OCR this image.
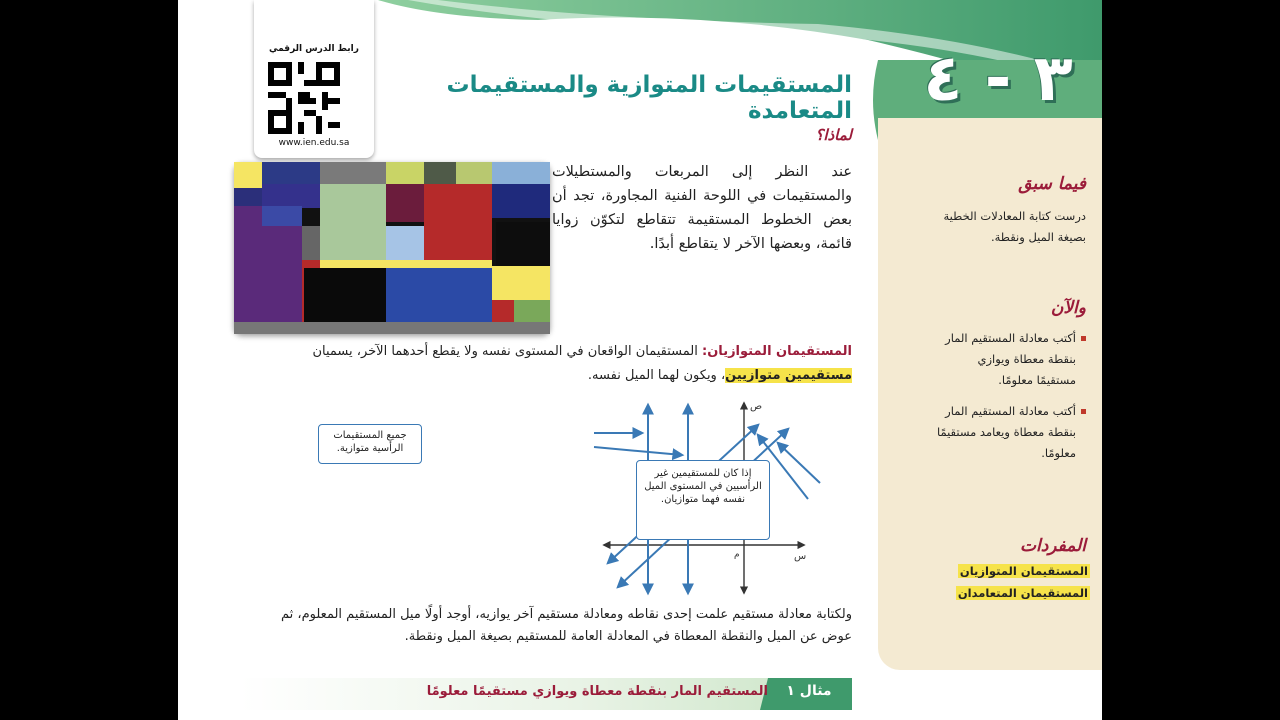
٣ - ٤
رابط الدرس الرقمي
www.ien.edu.sa
المستقيمات المتوازية والمستقيمات المتعامدة
لماذا؟
عند النظر إلى المربعات والمستطيلات والمستقيمات في اللوحة الفنية المجاورة، تجد أن بعض الخطوط المستقيمة تتقاطع لتكوّن زوايا قائمة، وبعضها الآخر لا يتقاطع أبدًا.
المستقيمان المتوازيان: المستقيمان الواقعان في المستوى نفسه ولا يقطع أحدهما الآخر، يسميان مستقيمين متوازيين، ويكون لهما الميل نفسه.
ص
س
م
جميع المستقيمات الرأسية متوازية.
إذا كان للمستقيمين غير الرأسيين في المستوى الميل نفسه فهما متوازيان.
ولكتابة معادلة مستقيم علمت إحدى نقاطه ومعادلة مستقيم آخر يوازيه، أوجد أولًا ميل المستقيم المعلوم، ثم عوض عن الميل والنقطة المعطاة في المعادلة العامة للمستقيم بصيغة الميل ونقطة.
مثال ١
المستقيم المار بنقطة معطاة ويوازي مستقيمًا معلومًا
فيما سبق
درست كتابة المعادلات الخطية بصيغة الميل ونقطة.
والآن
أكتب معادلة المستقيم المار بنقطة معطاة ويوازي مستقيمًا معلومًا.
أكتب معادلة المستقيم المار بنقطة معطاة ويعامد مستقيمًا معلومًا.
المفردات
المستقيمان المتوازيان
المستقيمان المتعامدان
